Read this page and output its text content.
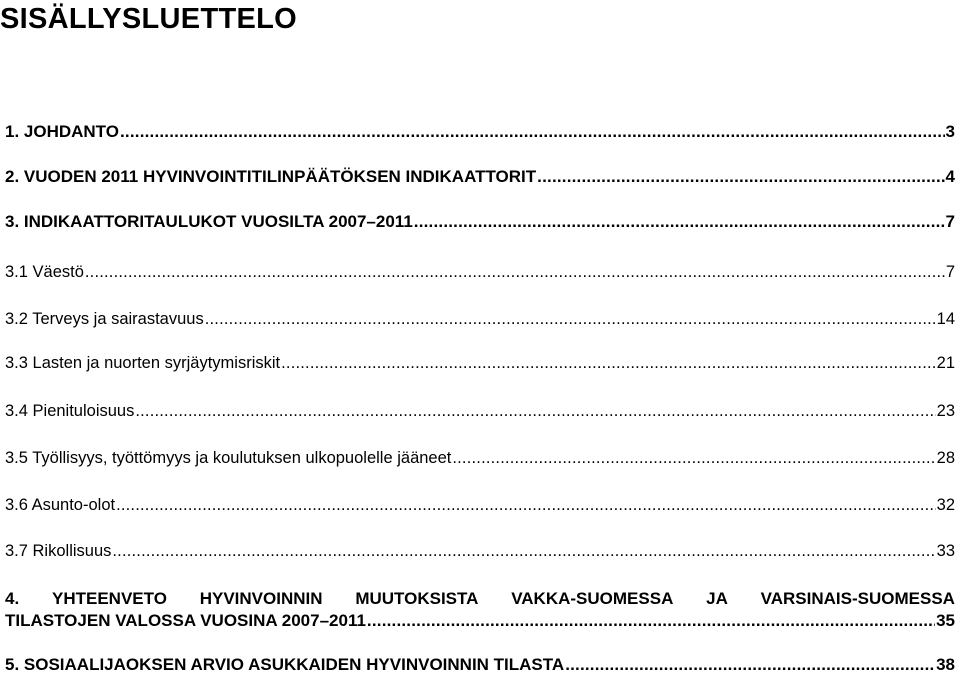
SISÄLLYSLUETTELO
1. JOHDANTO .....	3
2. VUODEN 2011 HYVINVOINTITILINPÄÄTÖKSEN INDIKAATTORIT .....	4
3. INDIKAATTORITAULUKOT VUOSILTA 2007–2011 .....	7
3.1 Väestö .....	7
3.2 Terveys ja sairastavuus .....	14
3.3 Lasten ja nuorten syrjäytymisriskit .....	21
3.4 Pienituloisuus .....	23
3.5 Työllisyys, työttömyys ja koulutuksen ulkopuolelle jääneet .....	28
3.6 Asunto-olot .....	32
3.7 Rikollisuus .....	33
4. YHTEENVETO HYVINVOINNIN MUUTOKSISTA VAKKA-SUOMESSA JA VARSINAIS-SUOMESSA
TILASTOJEN VALOSSA VUOSINA 2007–2011 .....	35
5. SOSIAALIJAOKSEN ARVIO ASUKKAIDEN HYVINVOINNIN TILASTA .....	38
